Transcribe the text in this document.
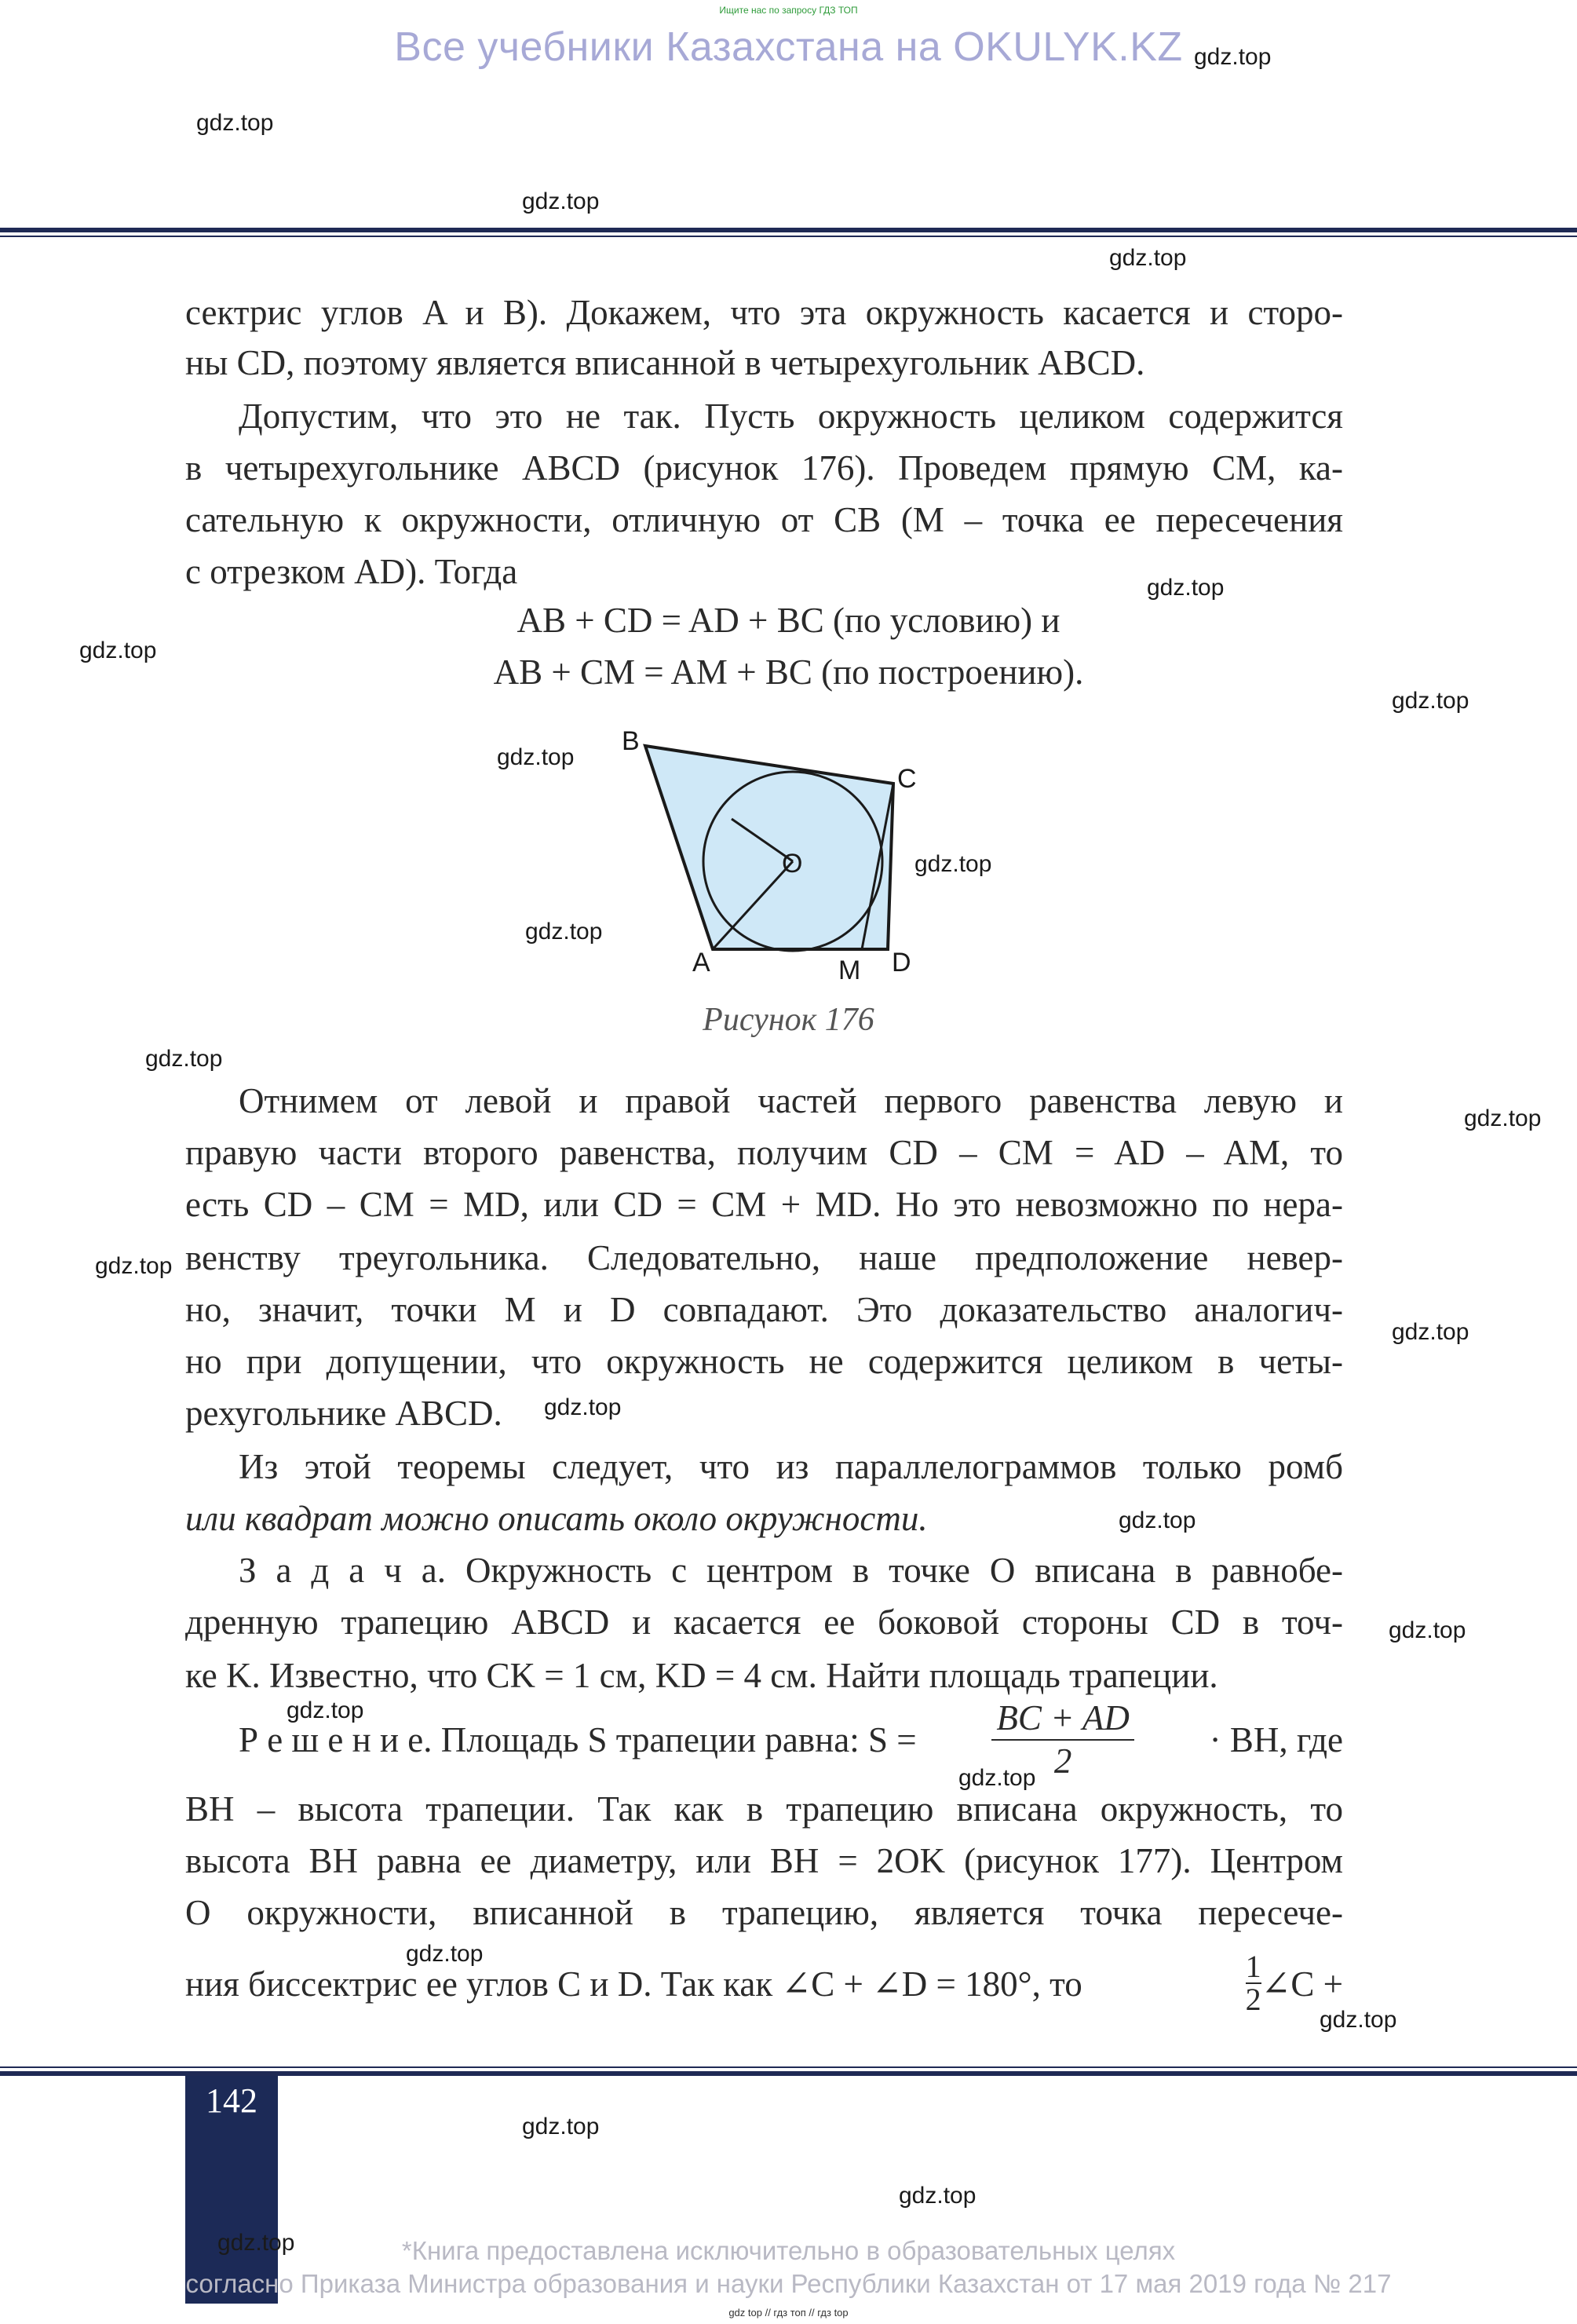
Ищите нас по запросу ГДЗ ТОП
Все учебники Казахстана на OKULYK.KZ
сектрис углов A и B). Докажем, что эта окружность касается и сторо-
ны CD, поэтому является вписанной в четырехугольник ABCD.
Допустим, что это не так. Пусть окружность целиком содержится
в четырехугольнике ABCD (рисунок 176). Проведем прямую CM, ка-
сательную к окружности, отличную от CB (M – точка ее пересечения
с отрезком AD). Тогда
AB + CD = AD + BC (по условию) и
AB + CM = AM + BC (по построению).
B
C
O
A	M D
Рисунок 176
Отнимем от левой и правой частей первого равенства левую и
правую части второго равенства, получим CD – CM = AD – AM, то
есть CD – CM = MD, или CD = CM + MD. Но это невозможно по нера-
венству треугольника. Следовательно, наше предположение невер-
но, значит, точки M и D совпадают. Это доказательство аналогич-
но при допущении, что окружность не содержится целиком в четы-
рехугольнике ABCD.
Из этой теоремы следует, что из параллелограммов только ромб
или квадрат можно описать около окружности.
З а д а ч а. Окружность с центром в точке O вписана в равнобе-
дренную трапецию ABCD и касается ее боковой стороны CD в точ-
ке K. Известно, что CK = 1 см, KD = 4 см. Найти площадь трапеции.
Р е ш е н и е. Площадь S трапеции равна: $S = \frac{BC + AD}{2}$ · BH, где
BH – высота трапеции. Так как в трапецию вписана окружность, то
высота BH равна ее диаметру, или BH = 2OK (рисунок 177). Центром
O окружности, вписанной в трапецию, является точка пересече-
ния биссектрис ее углов C и D. Так как ∠C + ∠D = 180°, то	$\frac{1}{2}$ ∠C +
142
*Книга предоставлена исключительно в образовательных целях
согласно Приказа Министра образования и науки Республики Казахстан от 17 мая 2019 года № 217
gdz top // гдз топ // гдз top
gdz.top
gdz.top
gdz.top
gdz.top
gdz.top
gdz.top
gdz.top
gdz.top
gdz.top
gdz.top
gdz.top
gdz.top
gdz.top
gdz.top
gdz.top
gdz.top
gdz.top
gdz.top
gdz.top
gdz.top
gdz.top
gdz.top
gdz.top
gdz.top
